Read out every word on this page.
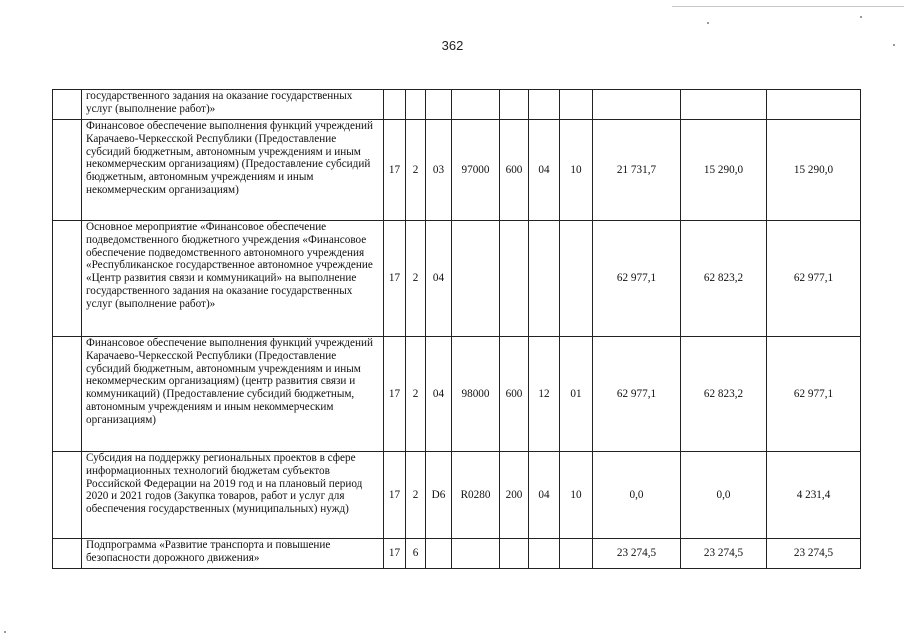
362
	государственного задания на оказание государственных услуг (выполнение работ)»										
	Финансовое обеспечение выполнения функций учреждений Карачаево-Черкесской Республики (Предоставление субсидий бюджетным, автономным учреждениям и иным некоммерческим организациям) (Предоставление субсидий бюджетным, автономным учреждениям и иным некоммерческим организациям)	17	2	03	97000	600	04	10	21 731,7	15 290,0	15 290,0
	Основное мероприятие «Финансовое обеспечение подведомственного бюджетного учреждения «Финансовое обеспечение подведомственного автономного учреждения «Республиканское государственное автономное учреждение «Центр развития связи и коммуникаций» на выполнение государственного задания на оказание государственных услуг (выполнение работ)»	17	2	04					62 977,1	62 823,2	62 977,1
	Финансовое обеспечение выполнения функций учреждений Карачаево-Черкесской Республики (Предоставление субсидий бюджетным, автономным учреждениям и иным некоммерческим организациям) (центр развития связи и коммуникаций) (Предоставление субсидий бюджетным, автономным учреждениям и иным некоммерческим организациям)	17	2	04	98000	600	12	01	62 977,1	62 823,2	62 977,1
	Субсидия на поддержку региональных проектов в сфере информационных технологий бюджетам субъектов Российской Федерации на 2019 год и на плановый период 2020 и 2021 годов (Закупка товаров, работ и услуг для обеспечения государственных (муниципальных) нужд)	17	2	D6	R0280	200	04	10	0,0	0,0	4 231,4
	Подпрограмма «Развитие транспорта и повышение безопасности дорожного движения»	17	6						23 274,5	23 274,5	23 274,5
